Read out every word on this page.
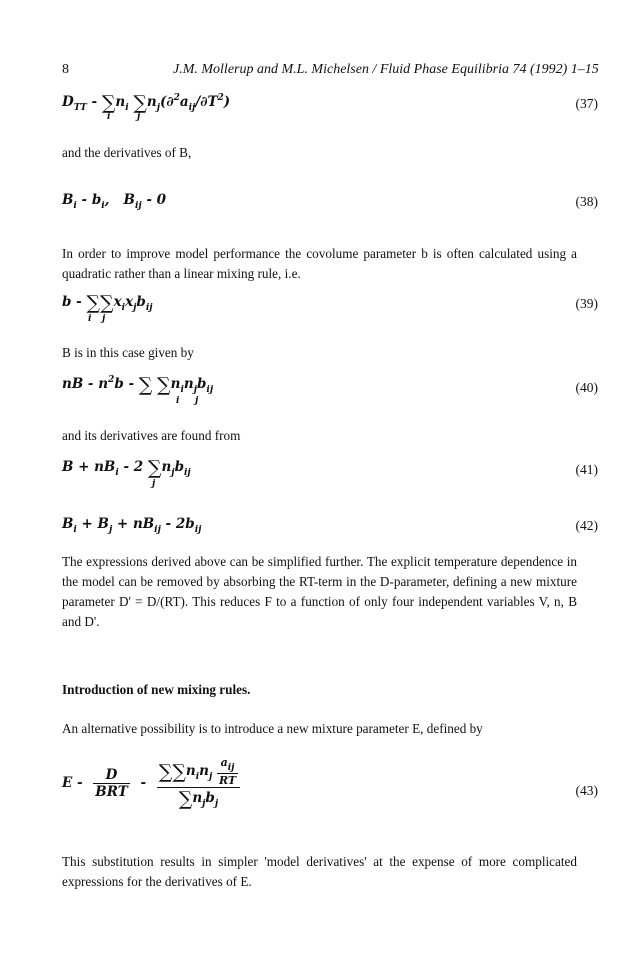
8	J.M. Mollerup and M.L. Michelsen / Fluid Phase Equilibria 74 (1992) 1–15
$D_{TT} - \sum n_i$ $\sum n_j(\partial^2a_{ij}/\partial T^2)$
i	j
(37)
and the derivatives of B,
$B_i - b_i$,   $B_{ij} - 0$	(38)
In order to improve model performance the covolume parameter b is often calculated using a quadratic rather than a linear mixing rule, i.e.
b - $\sum\sum x_ix_jb_{ij}$
i j
(39)
B is in this case given by
nB - $n^2b$ - ∑ $\sum n_in_jb_{ij}$
i j
(40)
and its derivatives are found from
$B + nB_i - 2$ $\sum n_jb_{ij}$
j
(41)
$B_i + B_j + nB_{ij} - 2b_{ij}$	(42)
The expressions derived above can be simplified further. The explicit temperature dependence in the model can be removed by absorbing the RT-term in the D-parameter, defining a new mixture parameter D' = D/(RT). This reduces F to a function of only four independent variables V, n, B and D'.
Introduction of new mixing rules.
An alternative possibility is to introduce a new mixture parameter E, defined by
E - $\frac{D}{\text{BRT}} - \frac{\sum\sum n_in_j \frac{a_{ij}}{RT}}{\sum n_jb_j}$	(43)
This substitution results in simpler 'model derivatives' at the expense of more complicated expressions for the derivatives of E.
